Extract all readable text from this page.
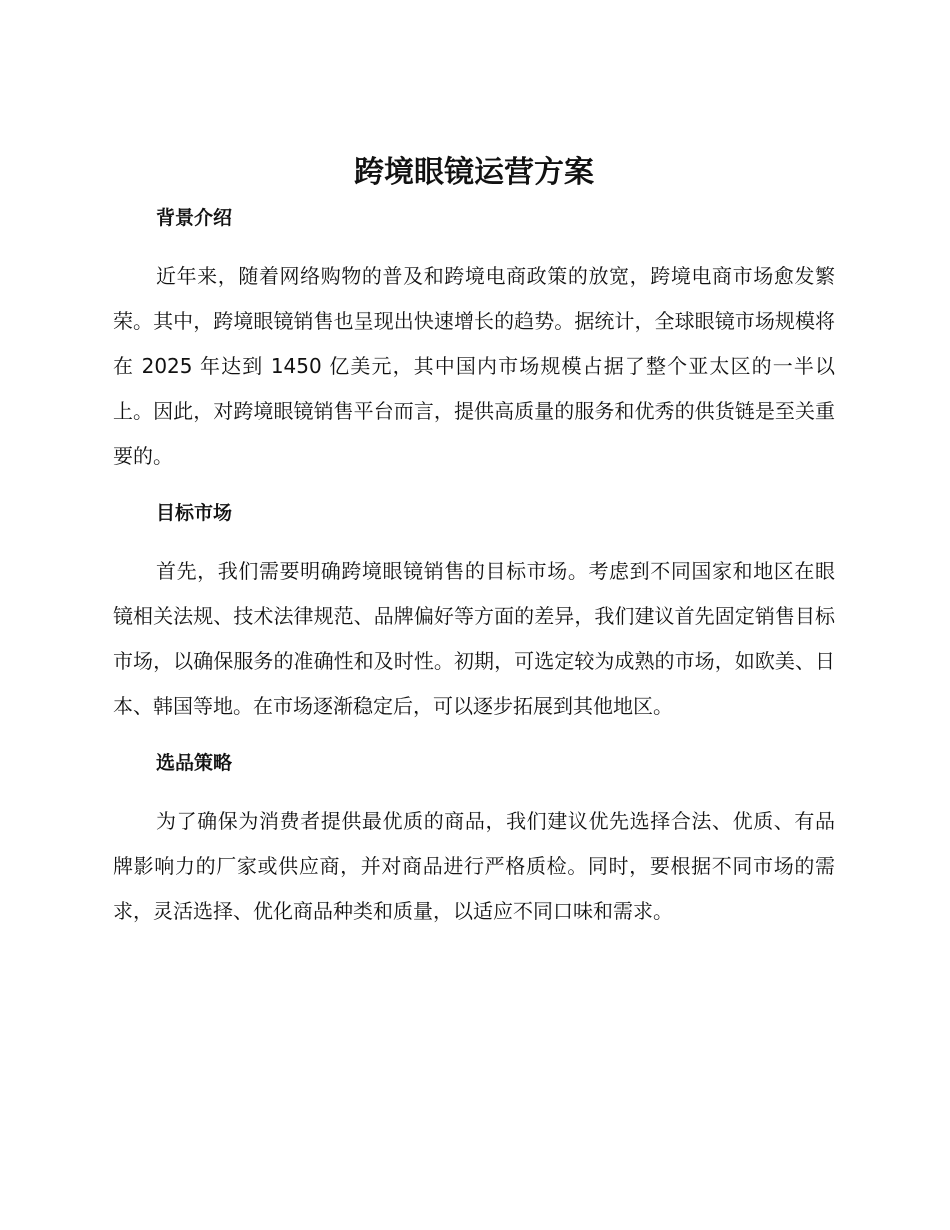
跨境眼镜运营方案
背景介绍

近年来，随着网络购物的普及和跨境电商政策的放宽，跨境电商市场愈发繁荣。其中，跨境眼镜销售也呈现出快速增长的趋势。据统计，全球眼镜市场规模将在 2025 年达到 1450 亿美元，其中国内市场规模占据了整个亚太区的一半以上。因此，对跨境眼镜销售平台而言，提供高质量的服务和优秀的供货链是至关重要的。

目标市场

首先，我们需要明确跨境眼镜销售的目标市场。考虑到不同国家和地区在眼镜相关法规、技术法律规范、品牌偏好等方面的差异，我们建议首先固定销售目标市场，以确保服务的准确性和及时性。初期，可选定较为成熟的市场，如欧美、日本、韩国等地。在市场逐渐稳定后，可以逐步拓展到其他地区。

选品策略

为了确保为消费者提供最优质的商品，我们建议优先选择合法、优质、有品牌影响力的厂家或供应商，并对商品进行严格质检。同时，要根据不同市场的需求，灵活选择、优化商品种类和质量，以适应不同口味和需求。
